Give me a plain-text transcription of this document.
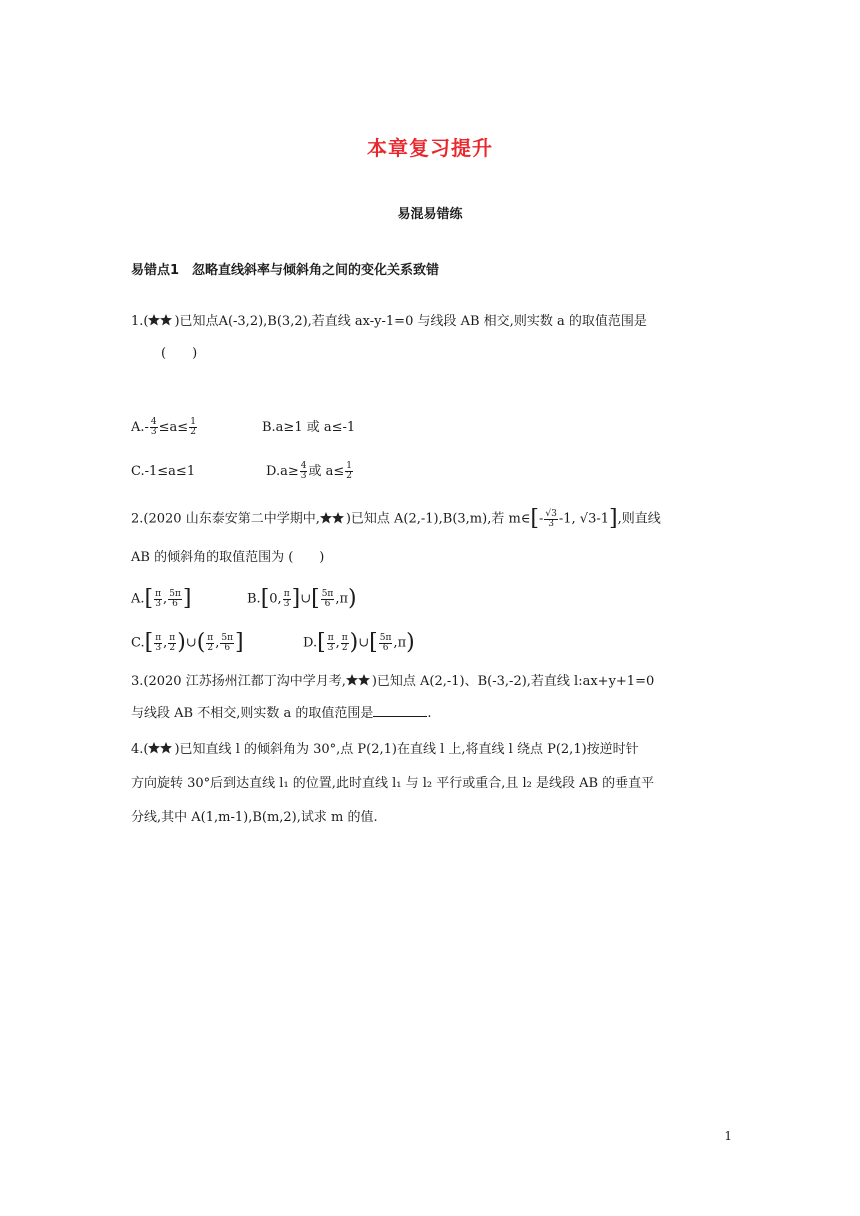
本章复习提升
易混易错练
易错点1　忽略直线斜率与倾斜角之间的变化关系致错
1.( )已知点A(-3,2),B(3,2),若直线 ax-y-1=0 与线段 AB 相交,则实数 a 的取值范围是
(　　)
$A.- \frac{4}{3} \le a\le \frac{1}{2}$	B.a≥1 或 a≤-1
C.-1≤a≤1	$D.a\ge \frac{4}{3}$ 或 $a\le \frac{1}{2}$
2.(2020 山东泰安第二中学期中, )已知点 A(2,-1),B(3,m),若 m∈[- $\frac{√3}{3} -1$, √3-1],则直线
AB 的倾斜角的取值范围为 (　　)
$A.[ \frac{\pi}{3}$ , $\frac{5\pi}{6}$ ]	B.[0, $\frac{\pi}{3}$ ]∪[ $\frac{5\pi}{6} ,\pi$)
$C.[ \frac{\pi}{3}$ , $\frac{\pi}{2}$ )∪( $\frac{\pi}{2}$ , $\frac{5\pi}{6}$ ]	$D.[ \frac{\pi}{3}$ , $\frac{\pi}{2}$ )∪[ $\frac{5\pi}{6} ,\pi$)
3.(2020 江苏扬州江都丁沟中学月考, )已知点 A(2,-1)、B(-3,-2),若直线 l:ax+y+1=0
与线段 AB 不相交,则实数 a 的取值范围是	.
4.( )已知直线 l 的倾斜角为 30°,点 P(2,1)在直线 l 上,将直线 l 绕点 P(2,1)按逆时针
方向旋转 30°后到达直线 l₁ 的位置,此时直线 l₁ 与 l₂ 平行或重合,且 l₂ 是线段 AB 的垂直平
分线,其中 A(1,m-1),B(m,2),试求 m 的值.
1
